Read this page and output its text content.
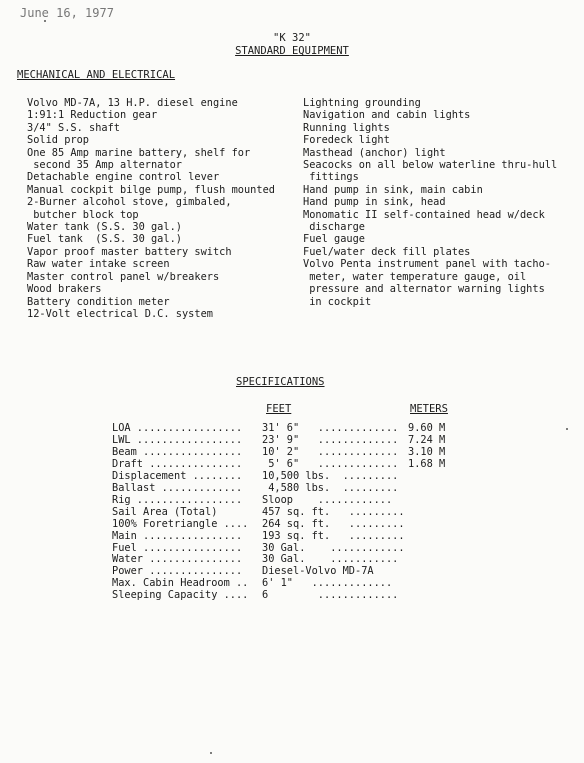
June 16, 1977
"K 32"
STANDARD EQUIPMENT
MECHANICAL AND ELECTRICAL
Volvo MD-7A, 13 H.P. diesel engine
1:91:1 Reduction gear
3/4" S.S. shaft
Solid prop
One 85 Amp marine battery, shelf for
second 35 Amp alternator
Detachable engine control lever
Manual cockpit bilge pump, flush mounted
2-Burner alcohol stove, gimbaled,
butcher block top
Water tank (S.S. 30 gal.)
Fuel tank  (S.S. 30 gal.)
Vapor proof master battery switch
Raw water intake screen
Master control panel w/breakers
Wood brakers
Battery condition meter
12-Volt electrical D.C. system
Lightning grounding
Navigation and cabin lights
Running lights
Foredeck light
Masthead (anchor) light
Seacocks on all below waterline thru-hull
fittings
Hand pump in sink, main cabin
Hand pump in sink, head
Monomatic II self-contained head w/deck
discharge
Fuel gauge
Fuel/water deck fill plates
Volvo Penta instrument panel with tacho-
meter, water temperature gauge, oil
pressure and alternator warning lights
in cockpit
SPECIFICATIONS
FEET	METERS
LOA .................	31' 6"   .............	9.60 M
LWL .................	23' 9"   .............	7.24 M
Beam ................	10' 2"   .............	3.10 M
Draft ...............	5' 6"   .............	1.68 M
Displacement ........	10,500 lbs.  .........	
Ballast .............	4,580 lbs.  .........	
Rig .................	Sloop    ............	
Sail Area (Total)	457 sq. ft.   .........	
100% Foretriangle ....	264 sq. ft.   .........	
Main ................	193 sq. ft.   .........	
Fuel ................	30 Gal.    ............	
Water ...............	30 Gal.    ...........	
Power ...............	Diesel-Volvo MD-7A	
Max. Cabin Headroom ..	6' 1"   .............	
Sleeping Capacity ....	6        .............	
